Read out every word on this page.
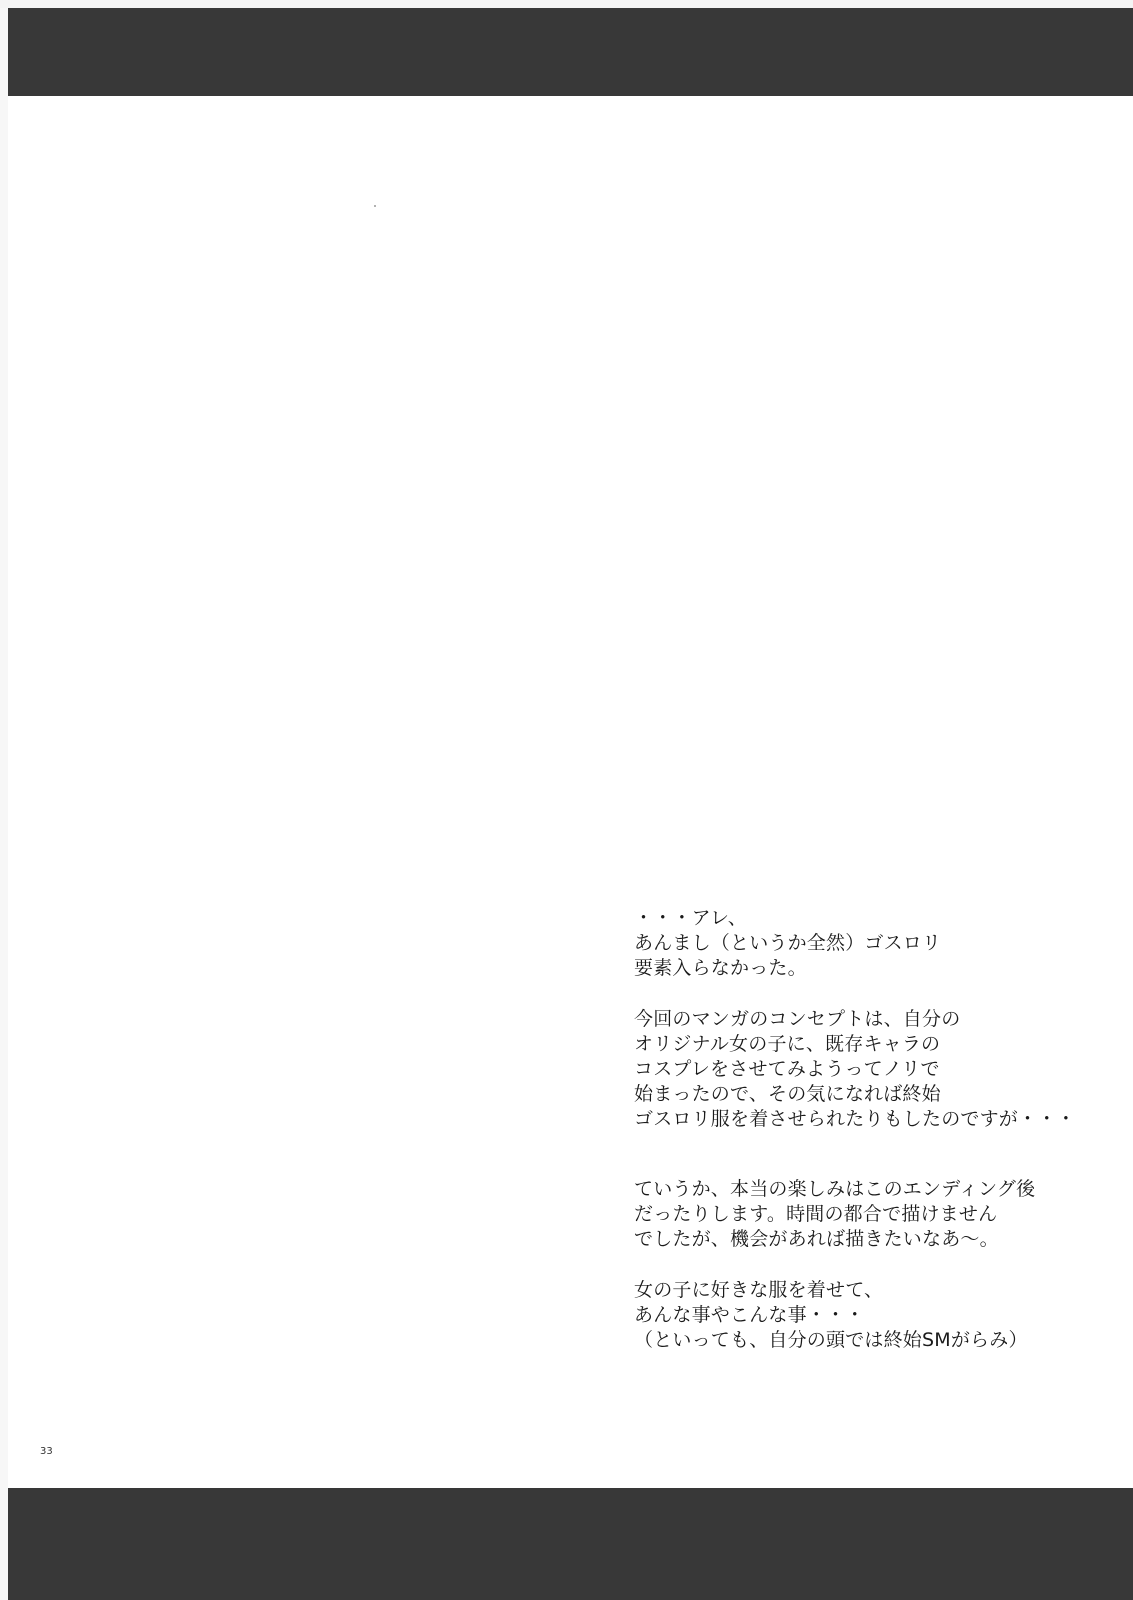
・・・アレ、
あんまし（というか全然）ゴスロリ
要素入らなかった。

今回のマンガのコンセプトは、自分の
オリジナル女の子に、既存キャラの
コスプレをさせてみようってノリで
始まったので、その気になれば終始
ゴスロリ服を着させられたりもしたのですが・・・

ていうか、本当の楽しみはこのエンディング後
だったりします。時間の都合で描けません
でしたが、機会があれば描きたいなあ～。

女の子に好きな服を着せて、
あんな事やこんな事・・・
（といっても、自分の頭では終始SMがらみ）

33
